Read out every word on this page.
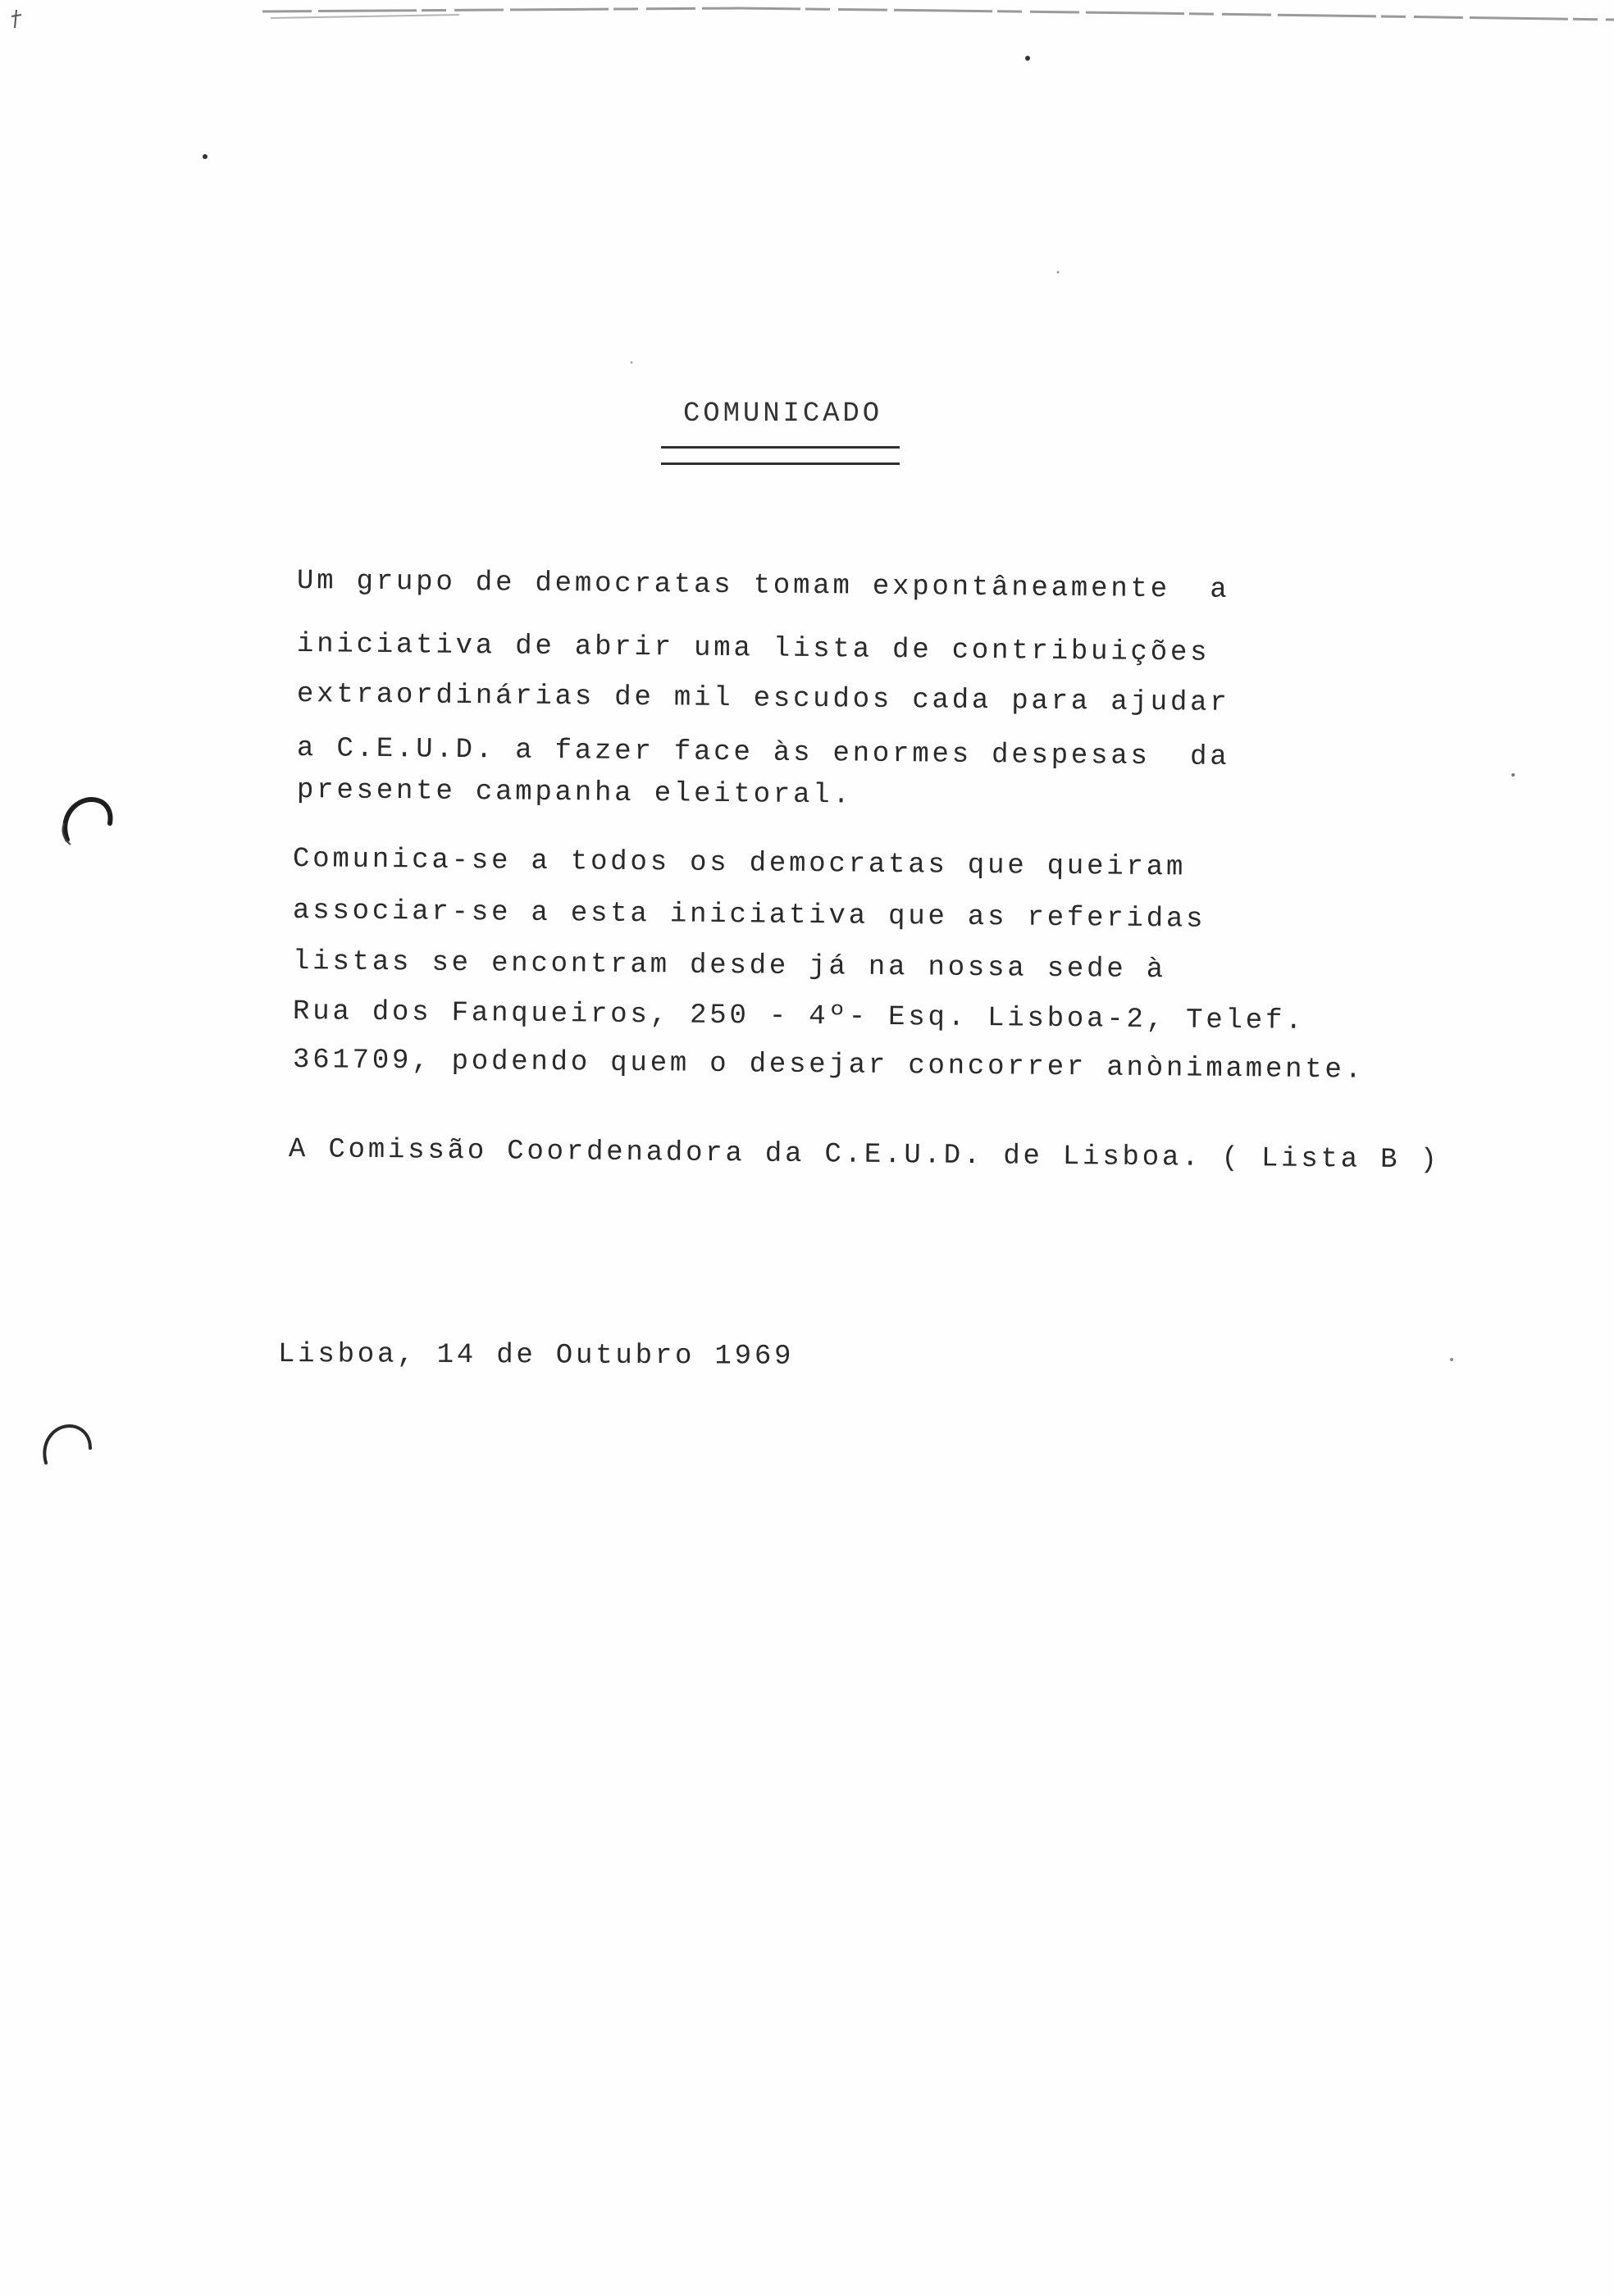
COMUNICADO
Um grupo de democratas tomam expontâneamente  a
iniciativa de abrir uma lista de contribuições
extraordinárias de mil escudos cada para ajudar
a C.E.U.D. a fazer face às enormes despesas  da
presente campanha eleitoral.
Comunica-se a todos os democratas que queiram
associar-se a esta iniciativa que as referidas
listas se encontram desde já na nossa sede à
Rua dos Fanqueiros, 250 - 4º- Esq. Lisboa-2, Telef.
361709, podendo quem o desejar concorrer anònimamente.
A Comissão Coordenadora da C.E.U.D. de Lisboa. ( Lista B )
Lisboa, 14 de Outubro 1969
